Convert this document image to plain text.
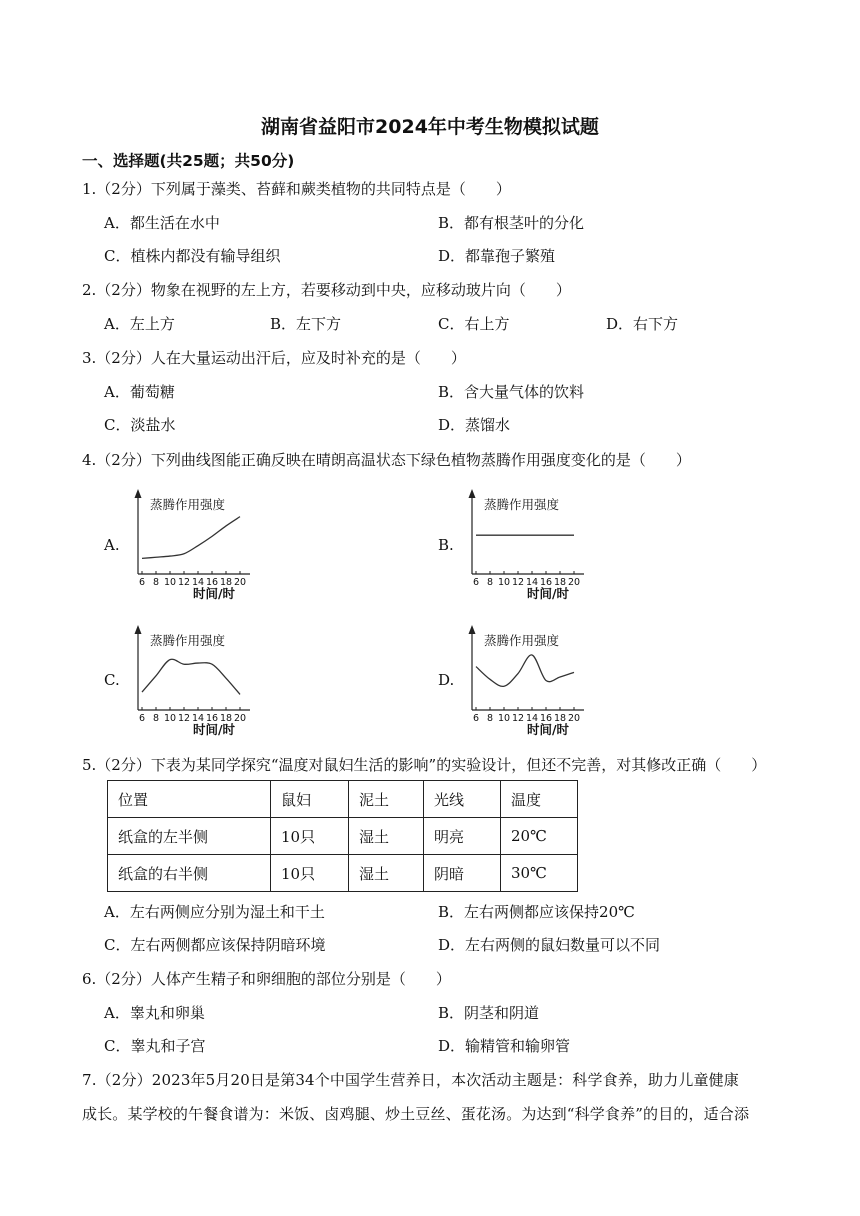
湖南省益阳市2024年中考生物模拟试题
一、选择题(共25题；共50分)
1.（2分）下列属于藻类、苔藓和蕨类植物的共同特点是（　　）
A．都生活在水中	B．都有根茎叶的分化
C．植株内都没有输导组织	D．都靠孢子繁殖
2.（2分）物象在视野的左上方，若要移动到中央，应移动玻片向（　　）
A．左上方	B．左下方	C．右上方	D．右下方
3.（2分）人在大量运动出汗后，应及时补充的是（　　）
A．葡萄糖	B．含大量气体的饮料
C．淡盐水	D．蒸馏水
4.（2分）下列曲线图能正确反映在晴朗高温状态下绿色植物蒸腾作用强度变化的是（　　）
A.	B.
C.	D.
6 8 10 12 14 16 18 20
蒸腾作用强度
时间/时
6 8 10 12 14 16 18 20
蒸腾作用强度
时间/时
6 8 10 12 14 16 18 20
蒸腾作用强度
时间/时
6 8 10 12 14 16 18 20
蒸腾作用强度
时间/时
5.（2分）下表为某同学探究“温度对鼠妇生活的影响”的实验设计，但还不完善，对其修改正确（　　）
位置	鼠妇	泥土	光线	温度
纸盒的左半侧	10只	湿土	明亮	20℃
纸盒的右半侧	10只	湿土	阴暗	30℃
A．左右两侧应分别为湿土和干土	B．左右两侧都应该保持20℃
C．左右两侧都应该保持阴暗环境	D．左右两侧的鼠妇数量可以不同
6.（2分）人体产生精子和卵细胞的部位分别是（　　）
A．睾丸和卵巢	B．阴茎和阴道
C．睾丸和子宫	D．输精管和输卵管
7.（2分）2023年5月20日是第34个中国学生营养日，本次活动主题是：科学食养，助力儿童健康
成长。某学校的午餐食谱为：米饭、卤鸡腿、炒土豆丝、蛋花汤。为达到“科学食养”的目的，适合添
